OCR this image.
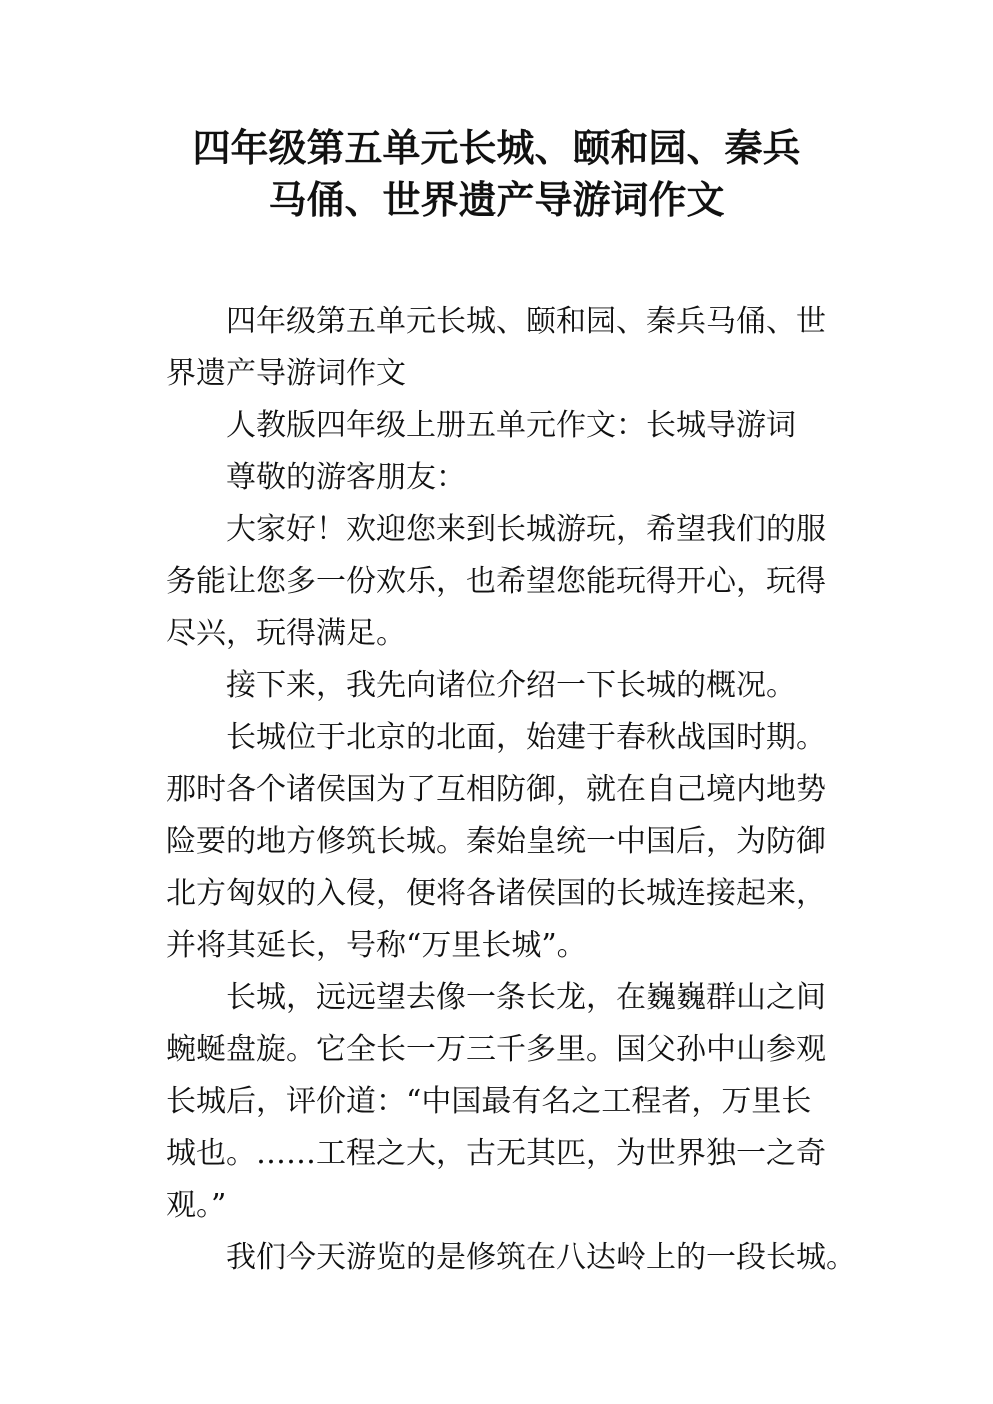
四年级第五单元长城、颐和园、秦兵
马俑、世界遗产导游词作文
四年级第五单元长城、颐和园、秦兵马俑、世
界遗产导游词作文
人教版四年级上册五单元作文：长城导游词
尊敬的游客朋友：
大家好！欢迎您来到长城游玩，希望我们的服
务能让您多一份欢乐，也希望您能玩得开心，玩得
尽兴，玩得满足。
接下来，我先向诸位介绍一下长城的概况。
长城位于北京的北面，始建于春秋战国时期。
那时各个诸侯国为了互相防御，就在自己境内地势
险要的地方修筑长城。秦始皇统一中国后，为防御
北方匈奴的入侵，便将各诸侯国的长城连接起来，
并将其延长，号称“万里长城”。
长城，远远望去像一条长龙，在巍巍群山之间
蜿蜒盘旋。它全长一万三千多里。国父孙中山参观
长城后，评价道：“中国最有名之工程者，万里长
城也。……工程之大，古无其匹，为世界独一之奇
观。”
我们今天游览的是修筑在八达岭上的一段长城。
